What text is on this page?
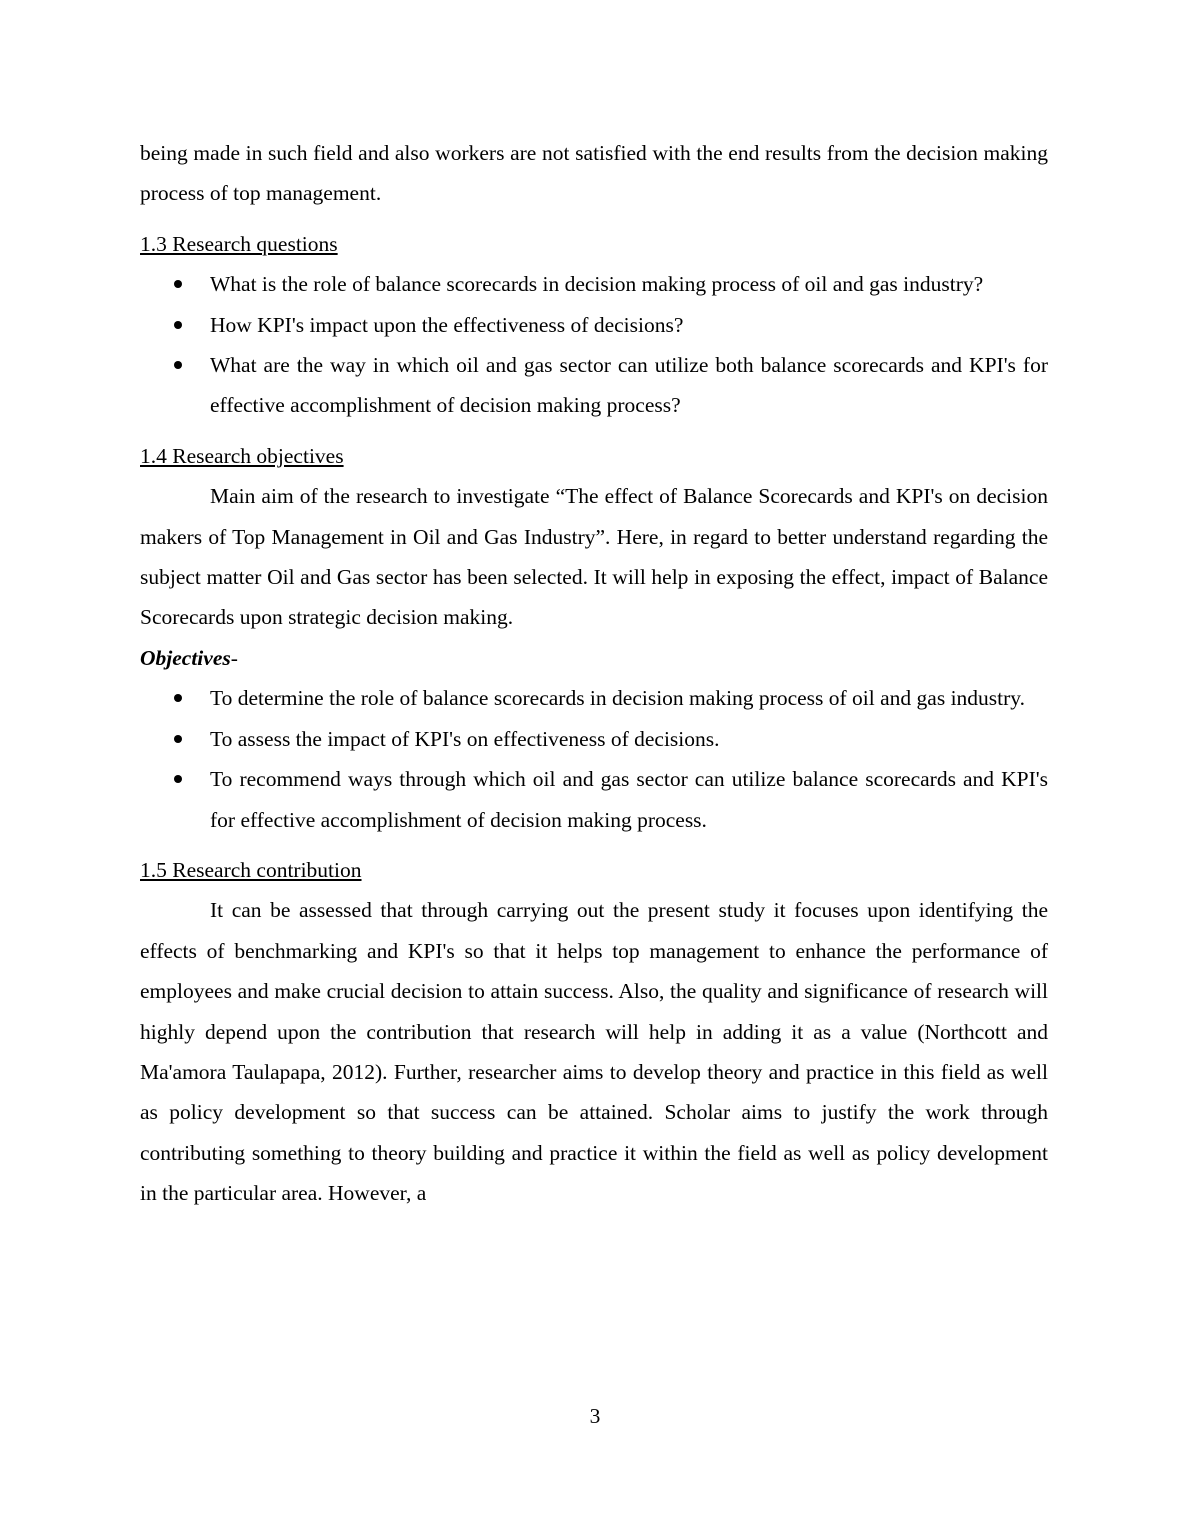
being made in such field and also workers are not satisfied with the end results from the decision making process of top management.

1.3 Research questions
What is the role of balance scorecards in decision making process of oil and gas industry?
How KPI's impact upon the effectiveness of decisions?
What are the way in which oil and gas sector can utilize both balance scorecards and KPI's for effective accomplishment of decision making process?
1.4 Research objectives

Main aim of the research to investigate “The effect of Balance Scorecards and KPI's on decision makers of Top Management in Oil and Gas Industry”. Here, in regard to better understand regarding the subject matter Oil and Gas sector has been selected. It will help in exposing the effect, impact of Balance Scorecards upon strategic decision making.

Objectives-

To determine the role of balance scorecards in decision making process of oil and gas industry.
To assess the impact of KPI's on effectiveness of decisions.
To recommend ways through which oil and gas sector can utilize balance scorecards and KPI's for effective accomplishment of decision making process.
1.5 Research contribution

It can be assessed that through carrying out the present study it focuses upon identifying the effects of benchmarking and KPI's so that it helps top management to enhance the performance of employees and make crucial decision to attain success. Also, the quality and significance of research will highly depend upon the contribution that research will help in adding it as a value (Northcott and Ma'amora Taulapapa, 2012). Further, researcher aims to develop theory and practice in this field as well as policy development so that success can be attained. Scholar aims to justify the work through contributing something to theory building and practice it within the field as well as policy development in the particular area. However, a

3
